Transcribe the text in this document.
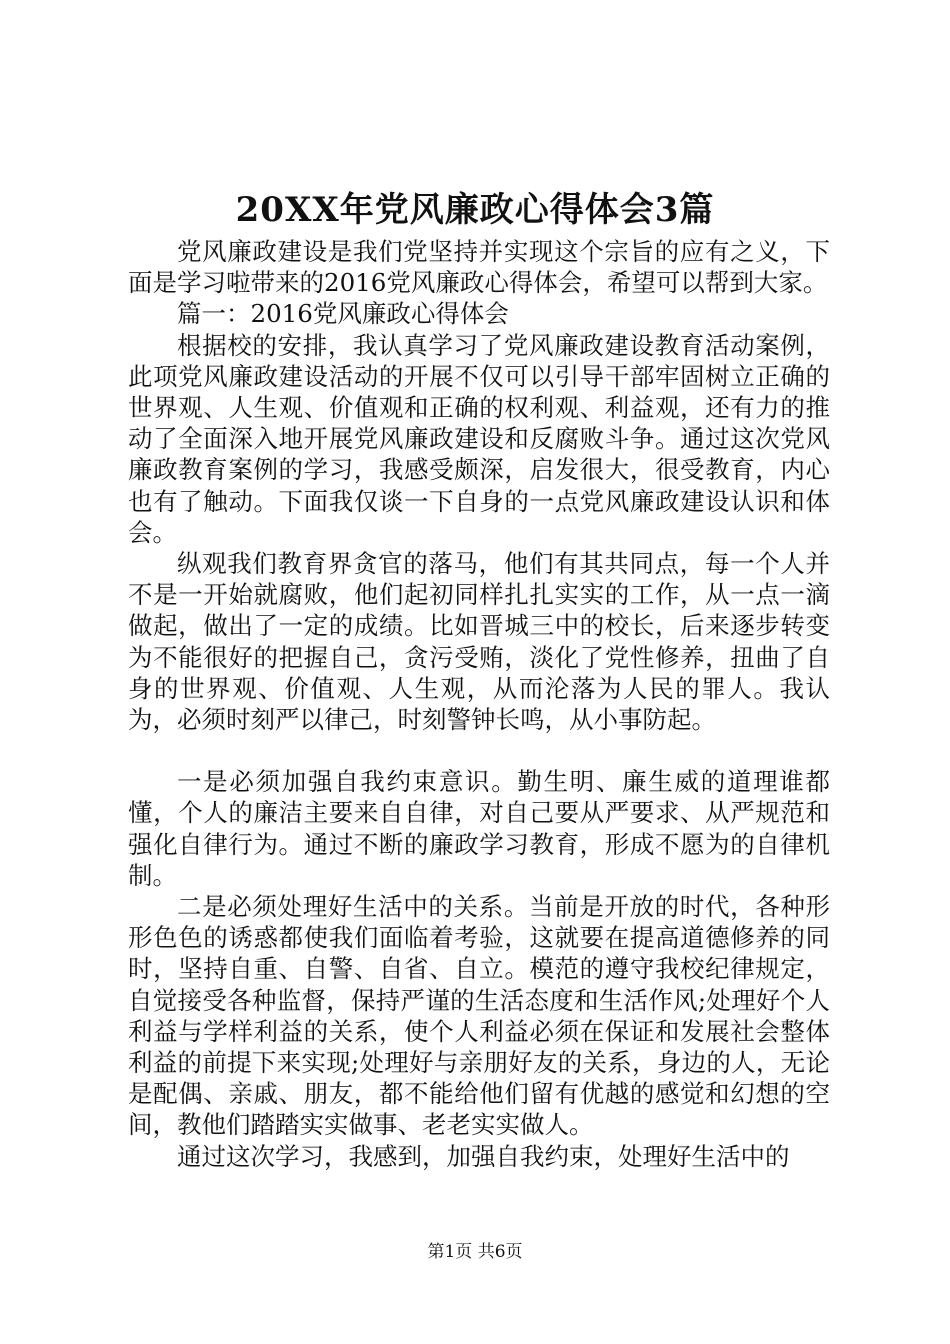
20XX年党风廉政心得体会3篇

党风廉政建设是我们党坚持并实现这个宗旨的应有之义，下面是学习啦带来的2016党风廉政心得体会，希望可以帮到大家。

篇一：2016党风廉政心得体会

根据校的安排，我认真学习了党风廉政建设教育活动案例，此项党风廉政建设活动的开展不仅可以引导干部牢固树立正确的世界观、人生观、价值观和正确的权利观、利益观，还有力的推动了全面深入地开展党风廉政建设和反腐败斗争。通过这次党风廉政教育案例的学习，我感受颇深，启发很大，很受教育，内心也有了触动。下面我仅谈一下自身的一点党风廉政建设认识和体会。

纵观我们教育界贪官的落马，他们有其共同点，每一个人并不是一开始就腐败，他们起初同样扎扎实实的工作，从一点一滴做起，做出了一定的成绩。比如晋城三中的校长，后来逐步转变为不能很好的把握自己，贪污受贿，淡化了党性修养，扭曲了自身的世界观、价值观、人生观，从而沦落为人民的罪人。我认为，必须时刻严以律己，时刻警钟长鸣，从小事防起。

一是必须加强自我约束意识。勤生明、廉生威的道理谁都懂，个人的廉洁主要来自自律，对自己要从严要求、从严规范和强化自律行为。通过不断的廉政学习教育，形成不愿为的自律机制。

二是必须处理好生活中的关系。当前是开放的时代，各种形形色色的诱惑都使我们面临着考验，这就要在提高道德修养的同时，坚持自重、自警、自省、自立。模范的遵守我校纪律规定，自觉接受各种监督，保持严谨的生活态度和生活作风;处理好个人利益与学样利益的关系，使个人利益必须在保证和发展社会整体利益的前提下来实现;处理好与亲朋好友的关系，身边的人，无论是配偶、亲戚、朋友，都不能给他们留有优越的感觉和幻想的空间，教他们踏踏实实做事、老老实实做人。

通过这次学习，我感到，加强自我约束，处理好生活中的

第1页 共6页
